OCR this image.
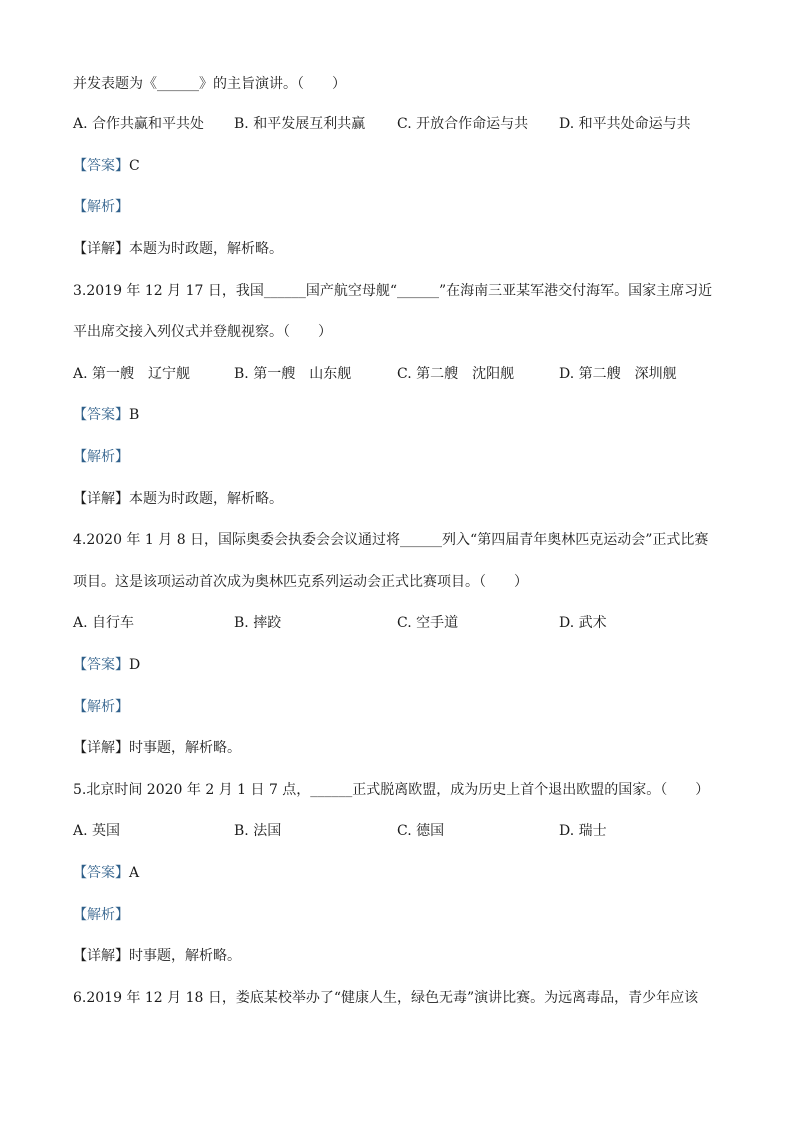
并发表题为《______》的主旨演讲。（　　）
A. 合作共赢和平共处 B. 和平发展互利共赢 C. 开放合作命运与共 D. 和平共处命运与共
【答案】C
【解析】
【详解】本题为时政题，解析略。
3.2019 年 12 月 17 日，我国______国产航空母舰“______”在海南三亚某军港交付海军。国家主席习近
平出席交接入列仪式并登舰视察。（　　）
A. 第一艘　辽宁舰	B. 第一艘　山东舰	C. 第二艘　沈阳舰	D. 第二艘　深圳舰
【答案】B
【解析】
【详解】本题为时政题，解析略。
4.2020 年 1 月 8 日，国际奥委会执委会会议通过将______列入“第四届青年奥林匹克运动会”正式比赛
项目。这是该项运动首次成为奥林匹克系列运动会正式比赛项目。（　　）
A. 自行车	B. 摔跤	C. 空手道	D. 武术
【答案】D
【解析】
【详解】时事题，解析略。
5.北京时间 2020 年 2 月 1 日 7 点，______正式脱离欧盟，成为历史上首个退出欧盟的国家。（　　）
A. 英国	B. 法国	C. 德国	D. 瑞士
【答案】A
【解析】
【详解】时事题，解析略。
6.2019 年 12 月 18 日，娄底某校举办了“健康人生，绿色无毒”演讲比赛。为远离毒品，青少年应该
